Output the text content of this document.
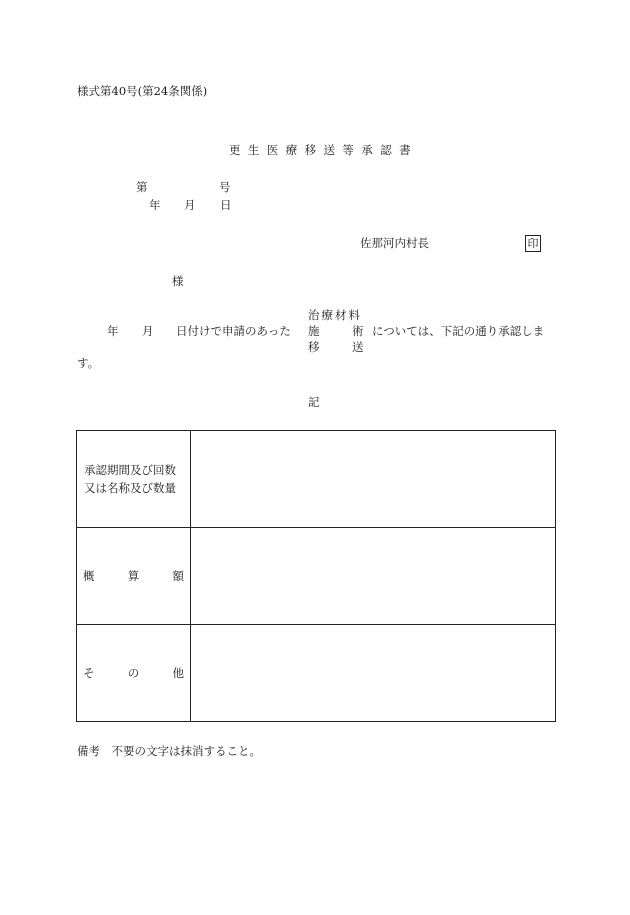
様式第40号(第24条関係)
更生医療移送等承認書
第	号
年 月 日
佐那河内村長	印
様
年 月 日付けで申請のあった
治療材料
施	術
移	送
については、下記の通り承認しま
す。
記
承認期間及び回数
又は名称及び数量	

概 算 額	

そ の 他	

備考　不要の文字は抹消すること。
